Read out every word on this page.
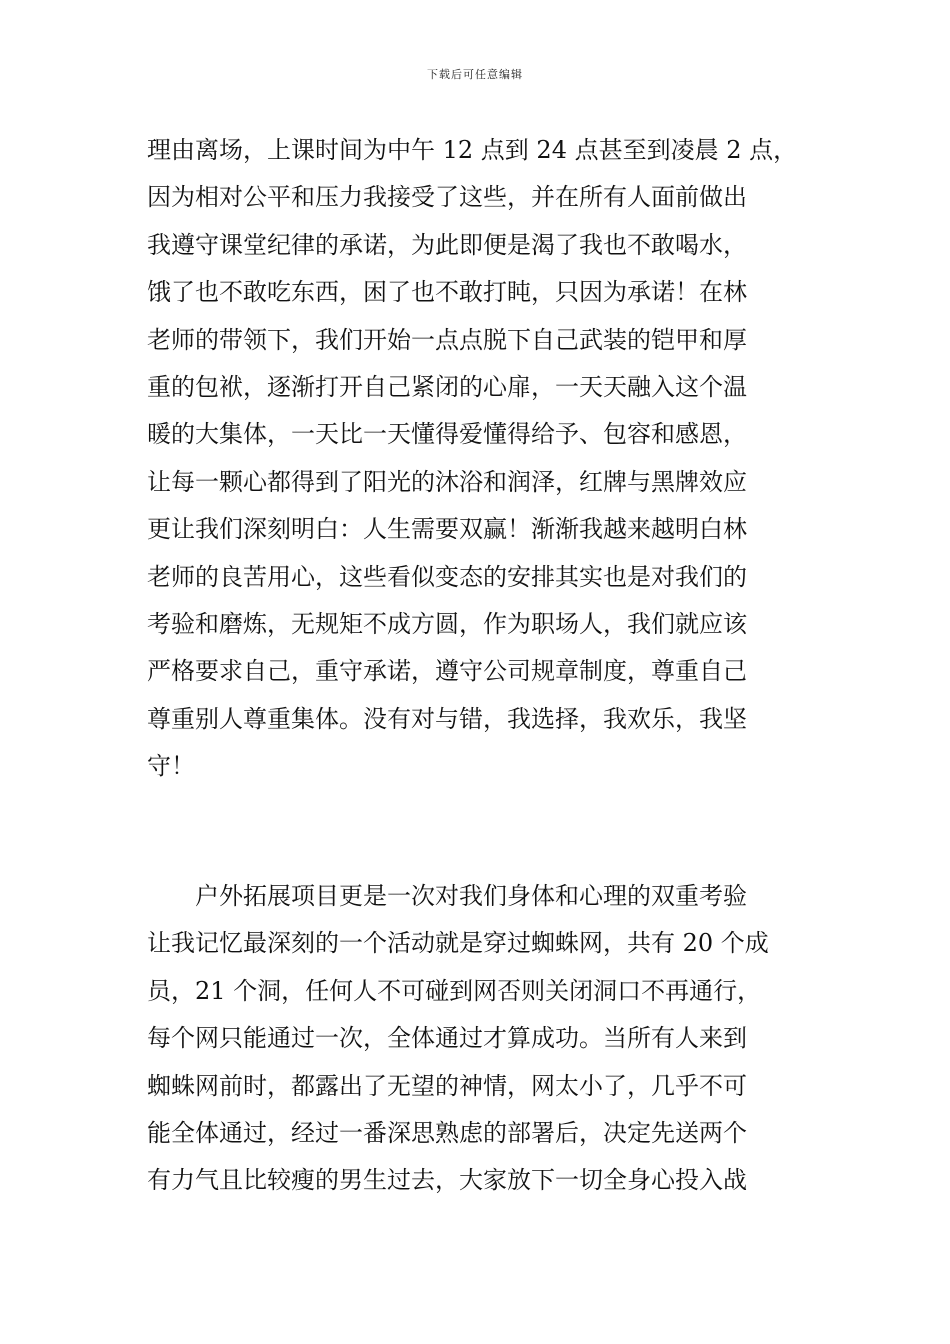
下载后可任意编辑
理由离场，上课时间为中午 12 点到 24 点甚至到凌晨 2 点，
因为相对公平和压力我接受了这些，并在所有人面前做出
我遵守课堂纪律的承诺，为此即便是渴了我也不敢喝水，
饿了也不敢吃东西，困了也不敢打盹，只因为承诺！在林
老师的带领下，我们开始一点点脱下自己武装的铠甲和厚
重的包袱，逐渐打开自己紧闭的心扉，一天天融入这个温
暖的大集体，一天比一天懂得爱懂得给予、包容和感恩，
让每一颗心都得到了阳光的沐浴和润泽，红牌与黑牌效应
更让我们深刻明白：人生需要双赢！渐渐我越来越明白林
老师的良苦用心，这些看似变态的安排其实也是对我们的
考验和磨炼，无规矩不成方圆，作为职场人，我们就应该
严格要求自己，重守承诺，遵守公司规章制度，尊重自己
尊重别人尊重集体。没有对与错，我选择，我欢乐，我坚
守！
户外拓展项目更是一次对我们身体和心理的双重考验
让我记忆最深刻的一个活动就是穿过蜘蛛网，共有 20 个成
员，21 个洞，任何人不可碰到网否则关闭洞口不再通行，
每个网只能通过一次，全体通过才算成功。当所有人来到
蜘蛛网前时，都露出了无望的神情，网太小了，几乎不可
能全体通过，经过一番深思熟虑的部署后，决定先送两个
有力气且比较瘦的男生过去，大家放下一切全身心投入战
